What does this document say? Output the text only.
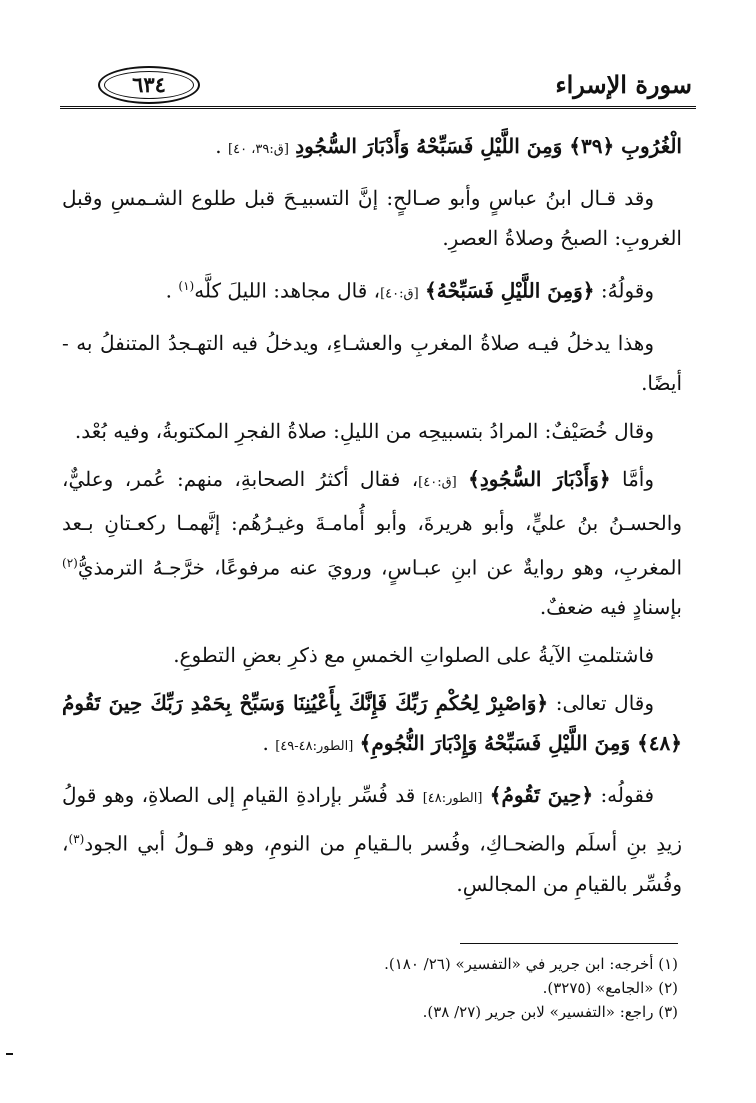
سورة الإسراء
٦٣٤

الْغُرُوبِ ﴿٣٩﴾ وَمِنَ اللَّيْلِ فَسَبِّحْهُ وَأَدْبَارَ السُّجُودِ [ق:٣٩، ٤٠] .

وقد قـال ابنُ عباسٍ وأبو صـالحٍ: إنَّ التسبيـحَ قبل طلوع الشـمسِ وقبل الغروبِ: الصبحُ وصلاةُ العصرِ.

وقولُهُ: ﴿وَمِنَ اللَّيْلِ فَسَبِّحْهُ﴾ [ق:٤٠]، قال مجاهد: الليلَ كلَّه$^{(١)}$ .

وهذا يدخلُ فيـه صلاةُ المغربِ والعشـاءِ، ويدخلُ فيه التهـجدُ المتنفلُ به - أيضًا.

وقال خُصَيْفٌ: المرادُ بتسبيحِه من الليلِ: صلاةُ الفجرِ المكتوبةُ، وفيه بُعْد.

وأمَّا ﴿وَأَدْبَارَ السُّجُودِ﴾ [ق:٤٠]، فقال أكثرُ الصحابةِ، منهم: عُمر، وعليٌّ، والحسـنُ بنُ عليٍّ، وأبو هريرةَ، وأبو أُمامـةَ وغيـرُهُم: إنَّهمـا ركعـتانِ بـعد المغربِ، وهو روايةٌ عن ابنِ عبـاسٍ، ورويَ عنه مرفوعًا، خرَّجـهُ الترمذيُّ$^{(٢)}$ بإسنادٍ فيه ضعفٌ.

فاشتلمتِ الآيةُ على الصلواتِ الخمسِ مع ذكرِ بعضِ التطوعِ.

وقال تعالى: ﴿وَاصْبِرْ لِحُكْمِ رَبِّكَ فَإِنَّكَ بِأَعْيُنِنَا وَسَبِّحْ بِحَمْدِ رَبِّكَ حِينَ تَقُومُ ﴿٤٨﴾ وَمِنَ اللَّيْلِ فَسَبِّحْهُ وَإِدْبَارَ النُّجُومِ﴾ [الطور:٤٨-٤٩] .

فقولُه: ﴿حِينَ تَقُومُ﴾ [الطور:٤٨] قد فُسِّر بإرادةِ القيامِ إلى الصلاةِ، وهو قولُ زيدِ بنِ أسلَم والضحـاكِ، وفُسر بالـقيامِ من النومِ، وهو قـولُ أبي الجود$^{(٣)}$، وفُسِّر بالقيامِ من المجالسِ.

(١) أخرجه: ابن جرير في «التفسير» (٢٦/ ١٨٠).

(٢) «الجامع» (٣٢٧٥).

(٣) راجع: «التفسير» لابن جرير (٢٧/ ٣٨).
